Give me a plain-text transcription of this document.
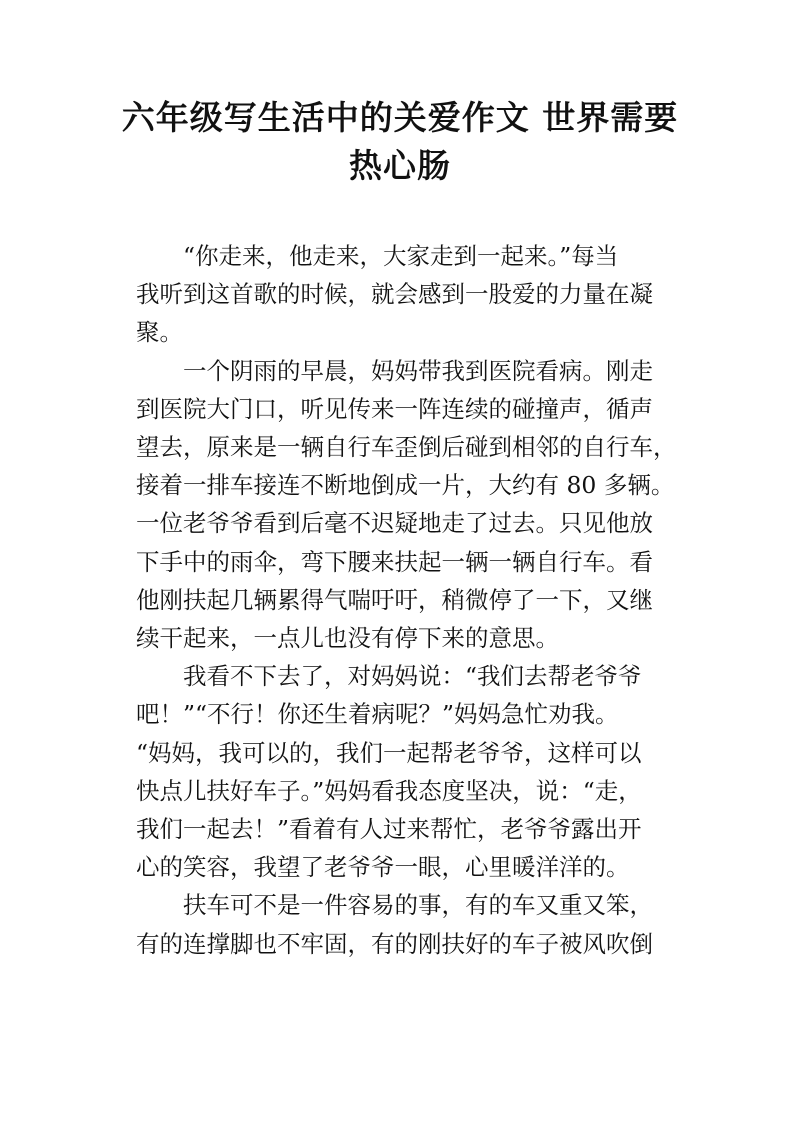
六年级写生活中的关爱作文 世界需要
热心肠

“你走来，他走来，大家走到一起来。”每当
我听到这首歌的时候，就会感到一股爱的力量在凝
聚。

一个阴雨的早晨，妈妈带我到医院看病。刚走
到医院大门口，听见传来一阵连续的碰撞声，循声
望去，原来是一辆自行车歪倒后碰到相邻的自行车，
接着一排车接连不断地倒成一片，大约有 80 多辆。
一位老爷爷看到后毫不迟疑地走了过去。只见他放
下手中的雨伞，弯下腰来扶起一辆一辆自行车。看
他刚扶起几辆累得气喘吁吁，稍微停了一下，又继
续干起来，一点儿也没有停下来的意思。

我看不下去了，对妈妈说：“我们去帮老爷爷
吧！”“不行！你还生着病呢？”妈妈急忙劝我。
“妈妈，我可以的，我们一起帮老爷爷，这样可以
快点儿扶好车子。”妈妈看我态度坚决，说：“走，
我们一起去！”看着有人过来帮忙，老爷爷露出开
心的笑容，我望了老爷爷一眼，心里暖洋洋的。

扶车可不是一件容易的事，有的车又重又笨，
有的连撑脚也不牢固，有的刚扶好的车子被风吹倒
